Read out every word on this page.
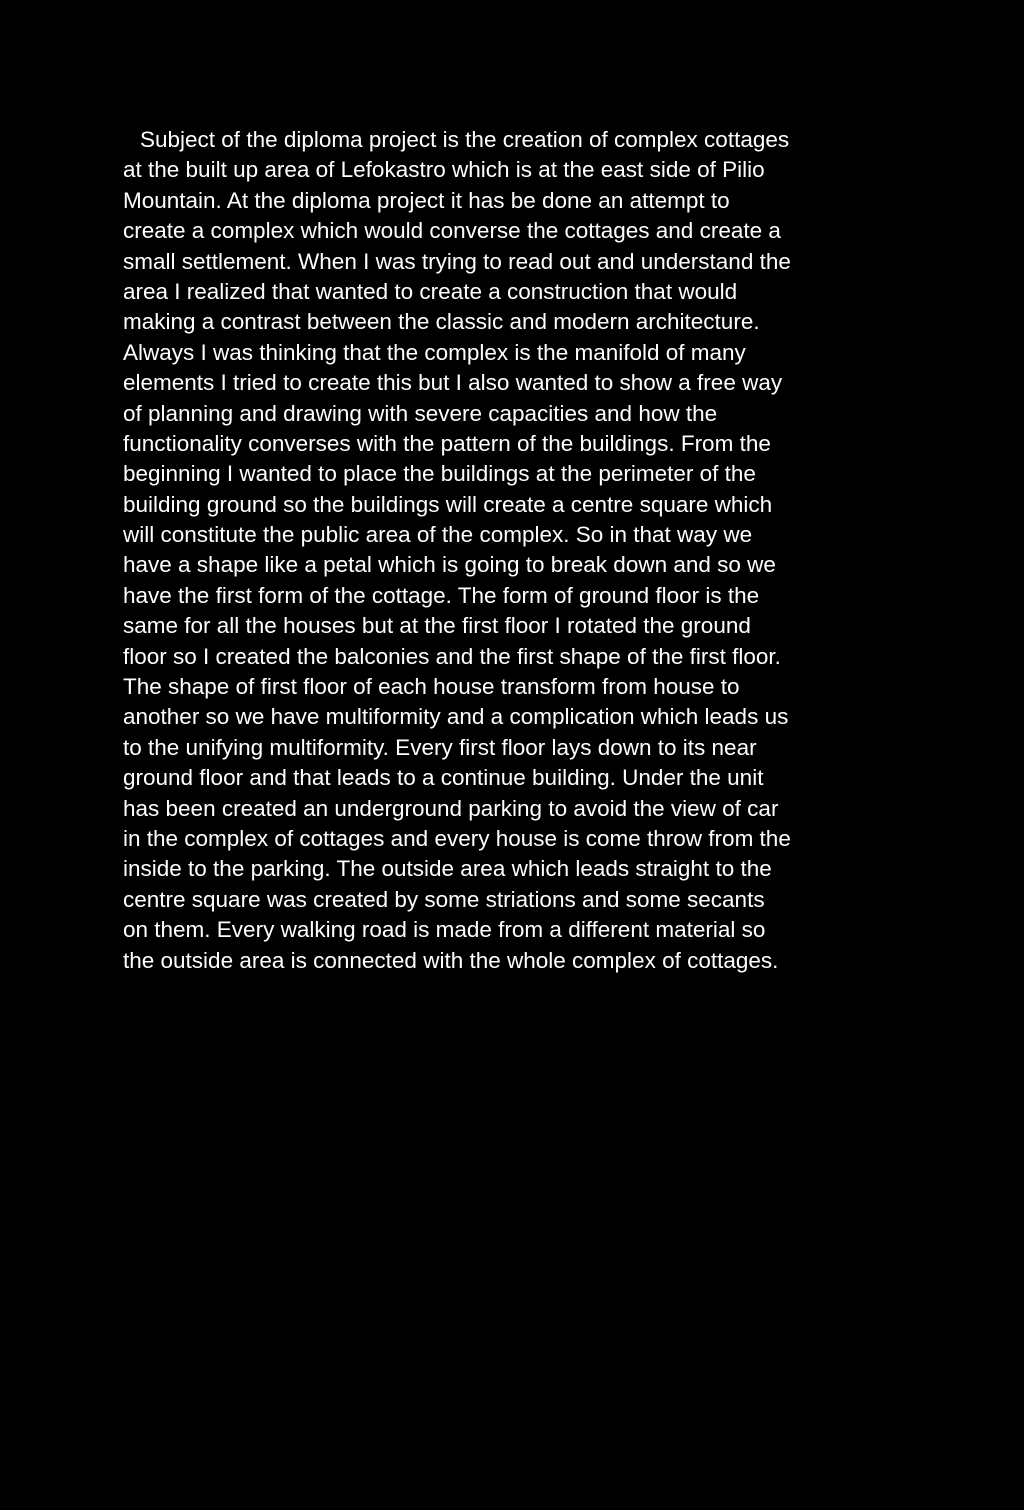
Subject of the diploma project is the creation of complex cottages
at the built up area of Lefokastro which is at the east side of Pilio
Mountain. At the diploma project it has be done an attempt to
create a complex which would converse the cottages and create a
small settlement. When I was trying to read out and understand the
area I realized that wanted to create a construction that would
making a contrast between the classic and modern architecture.
Always I was thinking that the complex is the manifold of many
elements I tried to create this but I also wanted to show a free way
of planning and drawing with severe capacities and how the
functionality converses with the pattern of the buildings. From the
beginning I wanted to place the buildings at the perimeter of the
building ground so the buildings will create a centre square which
will constitute the public area of the complex. So in that way we
have a shape like a petal which is going to break down and so we
have the first form of the cottage. The form of ground floor is the
same for all the houses but at the first floor I rotated the ground
floor so I created the balconies and the first shape of the first floor.
The shape of first floor of each house transform from house to
another so we have multiformity and a complication which leads us
to the unifying multiformity. Every first floor lays down to its near
ground floor and that leads to a continue building. Under the unit
has been created an underground parking to avoid the view of car
in the complex of cottages and every house is come throw from the
inside to the parking. The outside area which leads straight to the
centre square was created by some striations and some secants
on them. Every walking road is made from a different material so
the outside area is connected with the whole complex of cottages.
